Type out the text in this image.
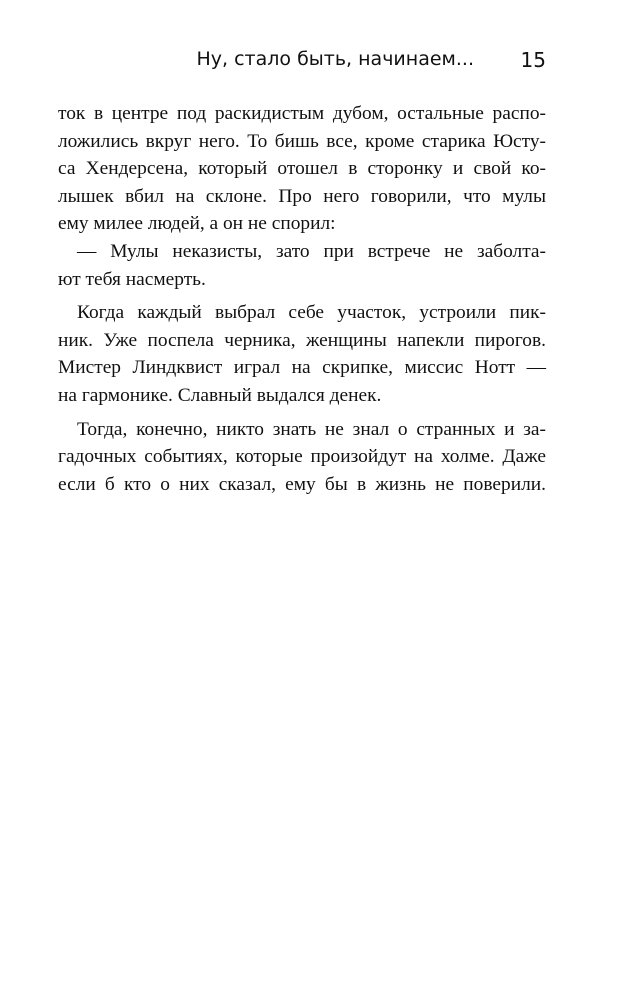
Ну, стало быть, начинаем... 15
ток в центре под раскидистым дубом, остальные распо-
ложились вкруг него. То бишь все, кроме старика Юсту-
са Хендерсена, который отошел в сторонку и свой ко-
лышек вбил на склоне. Про него говорили, что мулы
ему милее людей, а он не спорил:
— Мулы неказисты, зато при встрече не заболта-
ют тебя насмерть.
Когда каждый выбрал себе участок, устроили пик-
ник. Уже поспела черника, женщины напекли пирогов.
Мистер Линдквист играл на скрипке, миссис Нотт —
на гармонике. Славный выдался денек.
Тогда, конечно, никто знать не знал о странных и за-
гадочных событиях, которые произойдут на холме. Даже
если б кто о них сказал, ему бы в жизнь не поверили.
